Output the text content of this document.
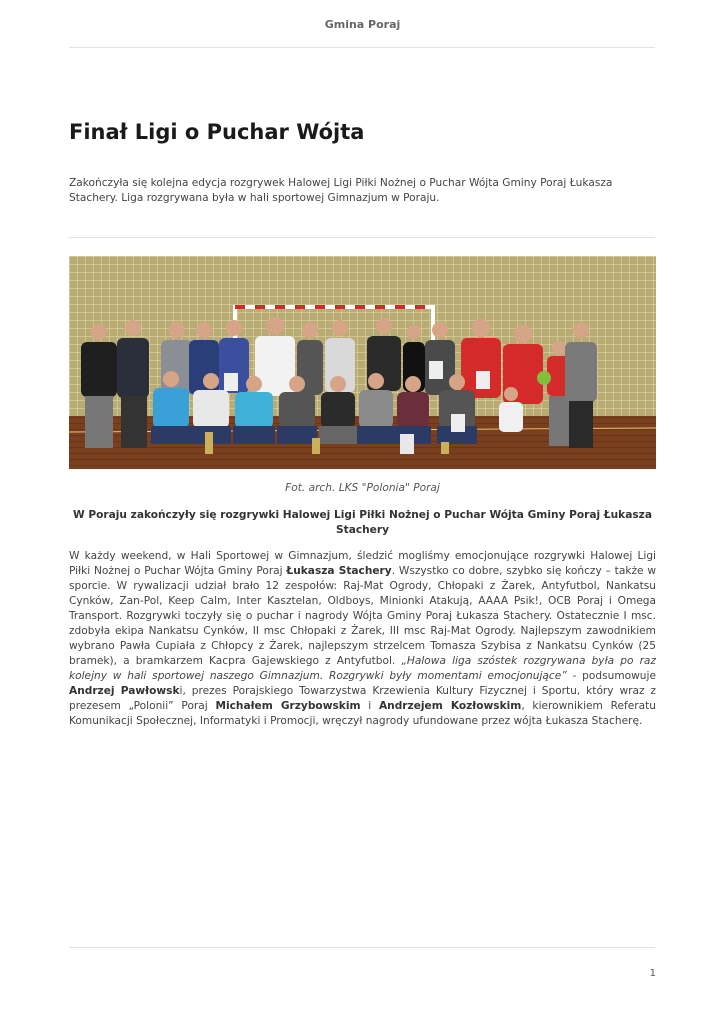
Gmina Poraj
Finał Ligi o Puchar Wójta

Zakończyła się kolejna edycja rozgrywek Halowej Ligi Piłki Nożnej o Puchar Wójta Gminy Poraj Łukasza Stachery. Liga rozgrywana była w hali sportowej Gimnazjum w Poraju.

Fot. arch. LKS "Polonia" Poraj

W Poraju zakończyły się rozgrywki Halowej Ligi Piłki Nożnej o Puchar Wójta Gminy Poraj Łukasza Stachery

W każdy weekend, w Hali Sportowej w Gimnazjum, śledzić mogliśmy emocjonujące rozgrywki Halowej Ligi Piłki Nożnej o Puchar Wójta Gminy Poraj Łukasza Stachery. Wszystko co dobre, szybko się kończy – także w sporcie. W rywalizacji udział brało 12 zespołów: Raj-Mat Ogrody, Chłopaki z Żarek, Antyfutbol, Nankatsu Cynków, Zan-Pol, Keep Calm, Inter Kasztelan, Oldboys, Minionki Atakują, AAAA Psik!, OCB Poraj i Omega Transport. Rozgrywki toczyły się o puchar i nagrody Wójta Gminy Poraj Łukasza Stachery. Ostatecznie I msc. zdobyła ekipa Nankatsu Cynków, II msc Chłopaki z Żarek, III msc Raj-Mat Ogrody. Najlepszym zawodnikiem wybrano Pawła Cupiała z Chłopcy z Żarek, najlepszym strzelcem Tomasza Szybisa z Nankatsu Cynków (25 bramek), a bramkarzem Kacpra Gajewskiego z Antyfutbol. „Halowa liga szóstek rozgrywana była po raz kolejny w hali sportowej naszego Gimnazjum. Rozgrywki były momentami emocjonujące” - podsumowuje Andrzej Pawłowski, prezes Porajskiego Towarzystwa Krzewienia Kultury Fizycznej i Sportu, który wraz z prezesem „Polonii” Poraj Michałem Grzybowskim i Andrzejem Kozłowskim, kierownikiem Referatu Komunikacji Społecznej, Informatyki i Promocji, wręczył nagrody ufundowane przez wójta Łukasza Stacherę.

1
